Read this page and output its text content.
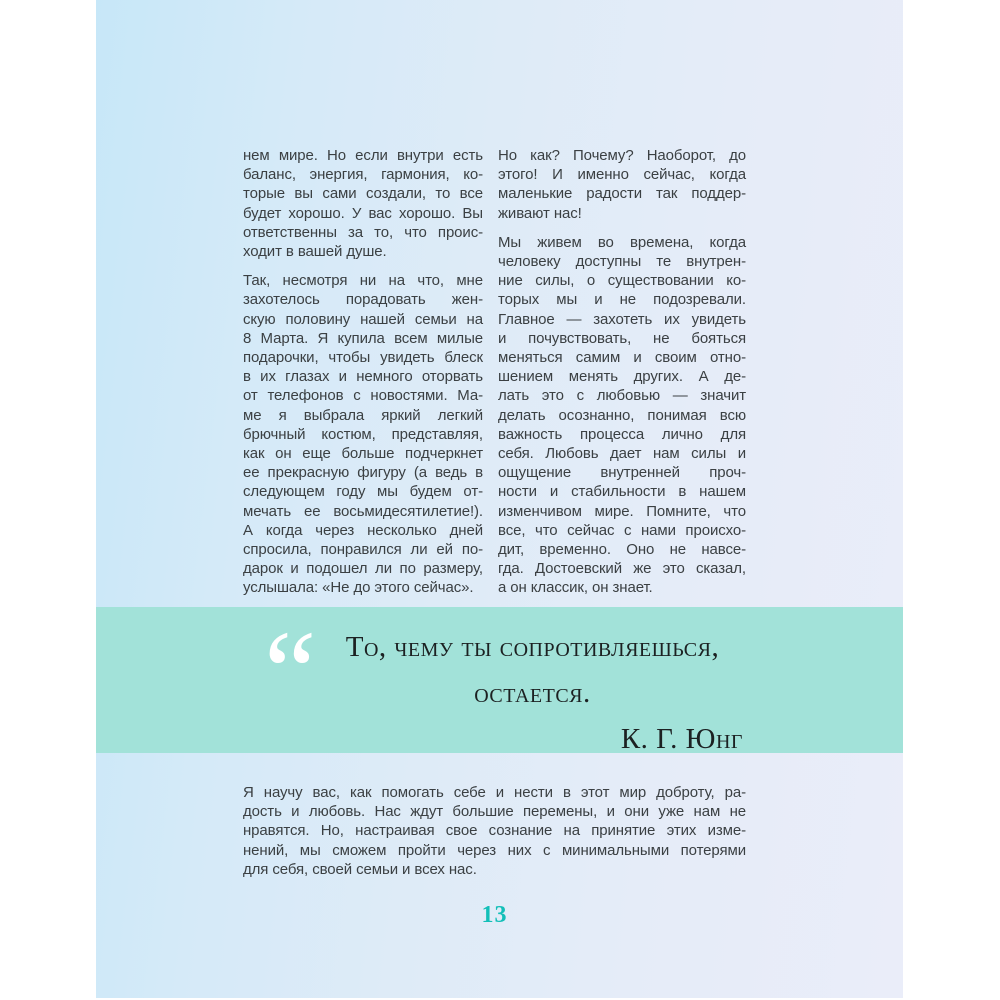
нем мире. Но если внутри есть
баланс, энергия, гармония, ко-
торые вы сами создали, то все
будет хорошо. У вас хорошо. Вы
ответственны за то, что проис-
ходит в вашей душе.
Так, несмотря ни на что, мне
захотелось порадовать жен-
скую половину нашей семьи на
8 Марта. Я купила всем милые
подарочки, чтобы увидеть блеск
в их глазах и немного оторвать
от телефонов с новостями. Ма-
ме я выбрала яркий легкий
брючный костюм, представляя,
как он еще больше подчеркнет
ее прекрасную фигуру (а ведь в
следующем году мы будем от-
мечать ее восьмидесятилетие!).
А когда через несколько дней
спросила, понравился ли ей по-
дарок и подошел ли по размеру,
услышала: «Не до этого сейчас».
Но как? Почему? Наоборот, до
этого! И именно сейчас, когда
маленькие радости так поддер-
живают нас!
Мы живем во времена, когда
человеку доступны те внутрен-
ние силы, о существовании ко-
торых мы и не подозревали.
Главное — захотеть их увидеть
и почувствовать, не бояться
меняться самим и своим отно-
шением менять других. А де-
лать это с любовью — значит
делать осознанно, понимая всю
важность процесса лично для
себя. Любовь дает нам силы и
ощущение внутренней проч-
ности и стабильности в нашем
изменчивом мире. Помните, что
все, что сейчас с нами происхо-
дит, временно. Оно не навсе-
гда. Достоевский же это сказал,
а он классик, он знает.
“	То, чему ты сопротивляешься,
остается.
К. Г. Юнг
Я научу вас, как помогать себе и нести в этот мир доброту, ра-
дость и любовь. Нас ждут большие перемены, и они уже нам не
нравятся. Но, настраивая свое сознание на принятие этих изме-
нений, мы сможем пройти через них с минимальными потерями
для себя, своей семьи и всех нас.
13
